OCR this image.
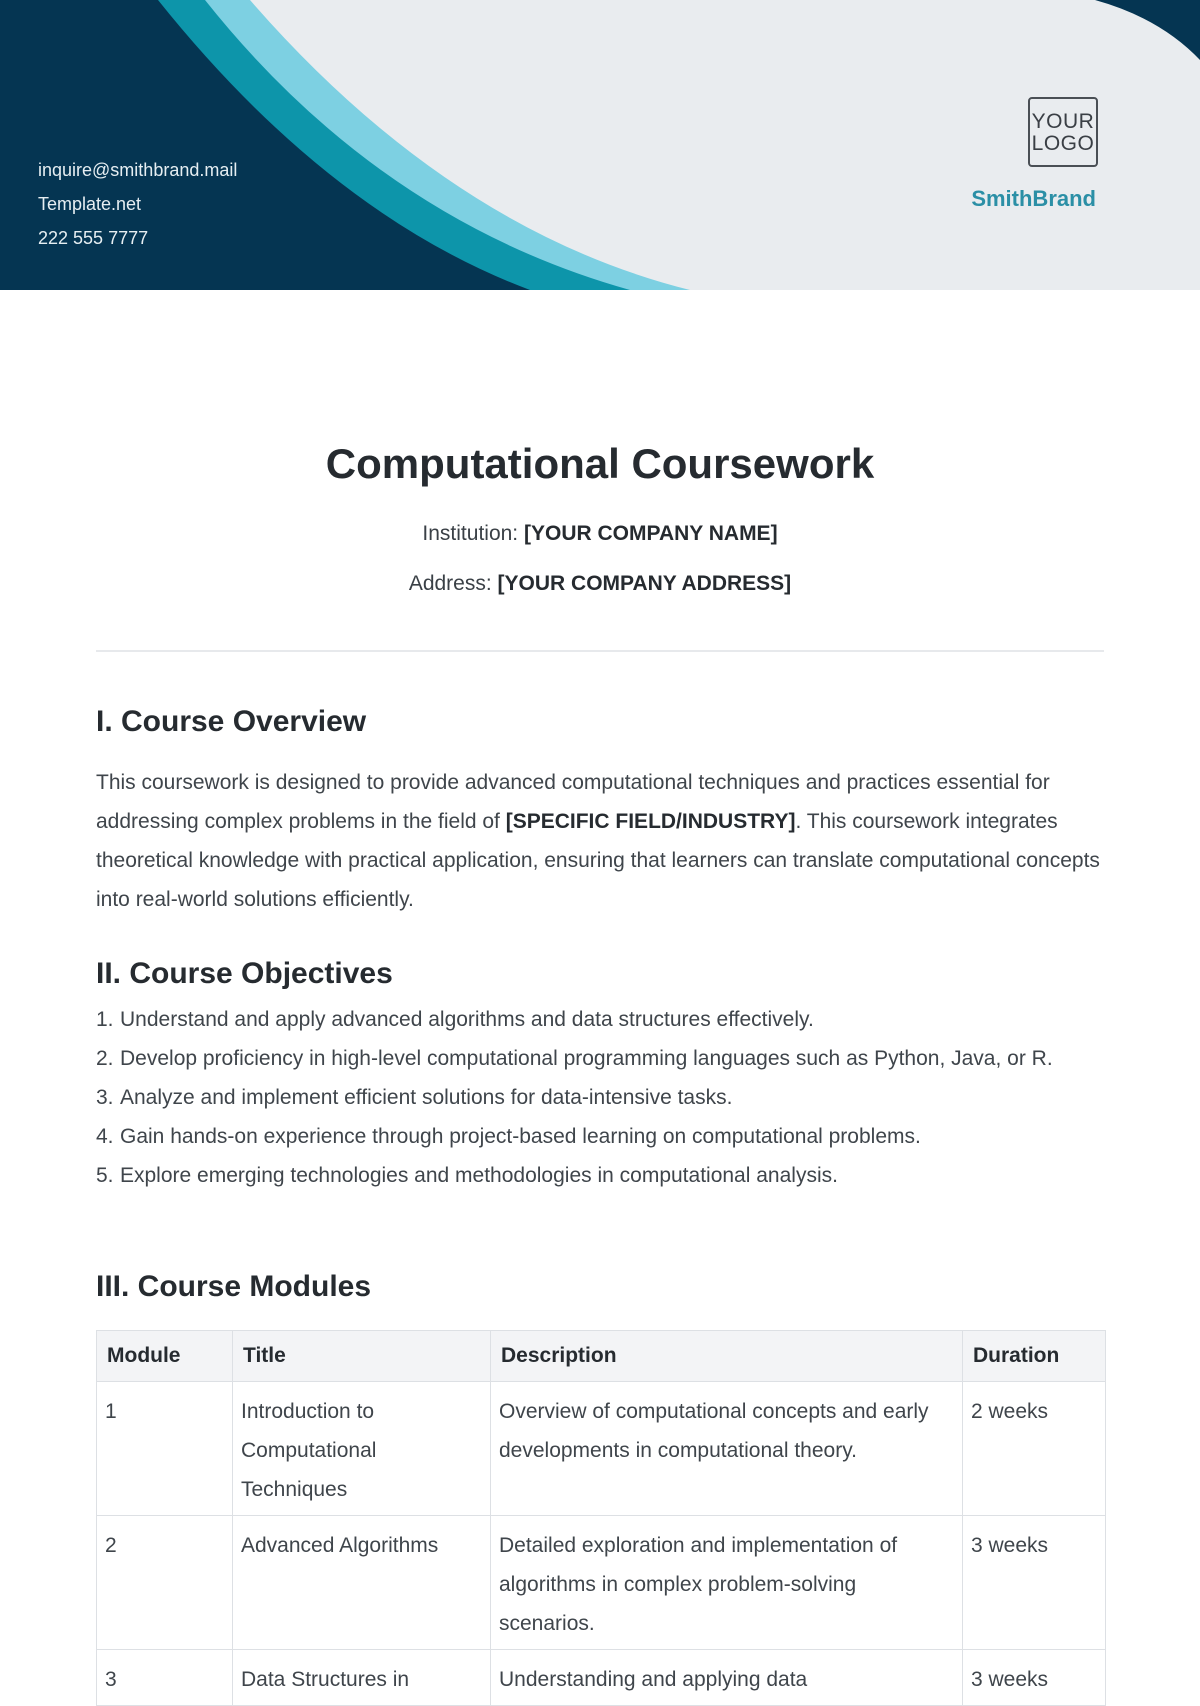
inquire@smithbrand.mail
Template.net
222 555 7777
YOUR LOGO
SmithBrand
Computational Coursework
Institution: [YOUR COMPANY NAME]
Address: [YOUR COMPANY ADDRESS]
I. Course Overview

This coursework is designed to provide advanced computational techniques and practices essential for addressing complex problems in the field of [SPECIFIC FIELD/INDUSTRY]. This coursework integrates theoretical knowledge with practical application, ensuring that learners can translate computational concepts into real-world solutions efficiently.

II. Course Objectives
1. Understand and apply advanced algorithms and data structures effectively.
2. Develop proficiency in high-level computational programming languages such as Python, Java, or R.
3. Analyze and implement efficient solutions for data-intensive tasks.
4. Gain hands-on experience through project-based learning on computational problems.
5. Explore emerging technologies and methodologies in computational analysis.
III. Course Modules
Module	Title	Description	Duration
1	Introduction to Computational Techniques	Overview of computational concepts and early developments in computational theory.	2 weeks
2	Advanced Algorithms	Detailed exploration and implementation of algorithms in complex problem-solving scenarios.	3 weeks
3	Data Structures in	Understanding and applying data	3 weeks
